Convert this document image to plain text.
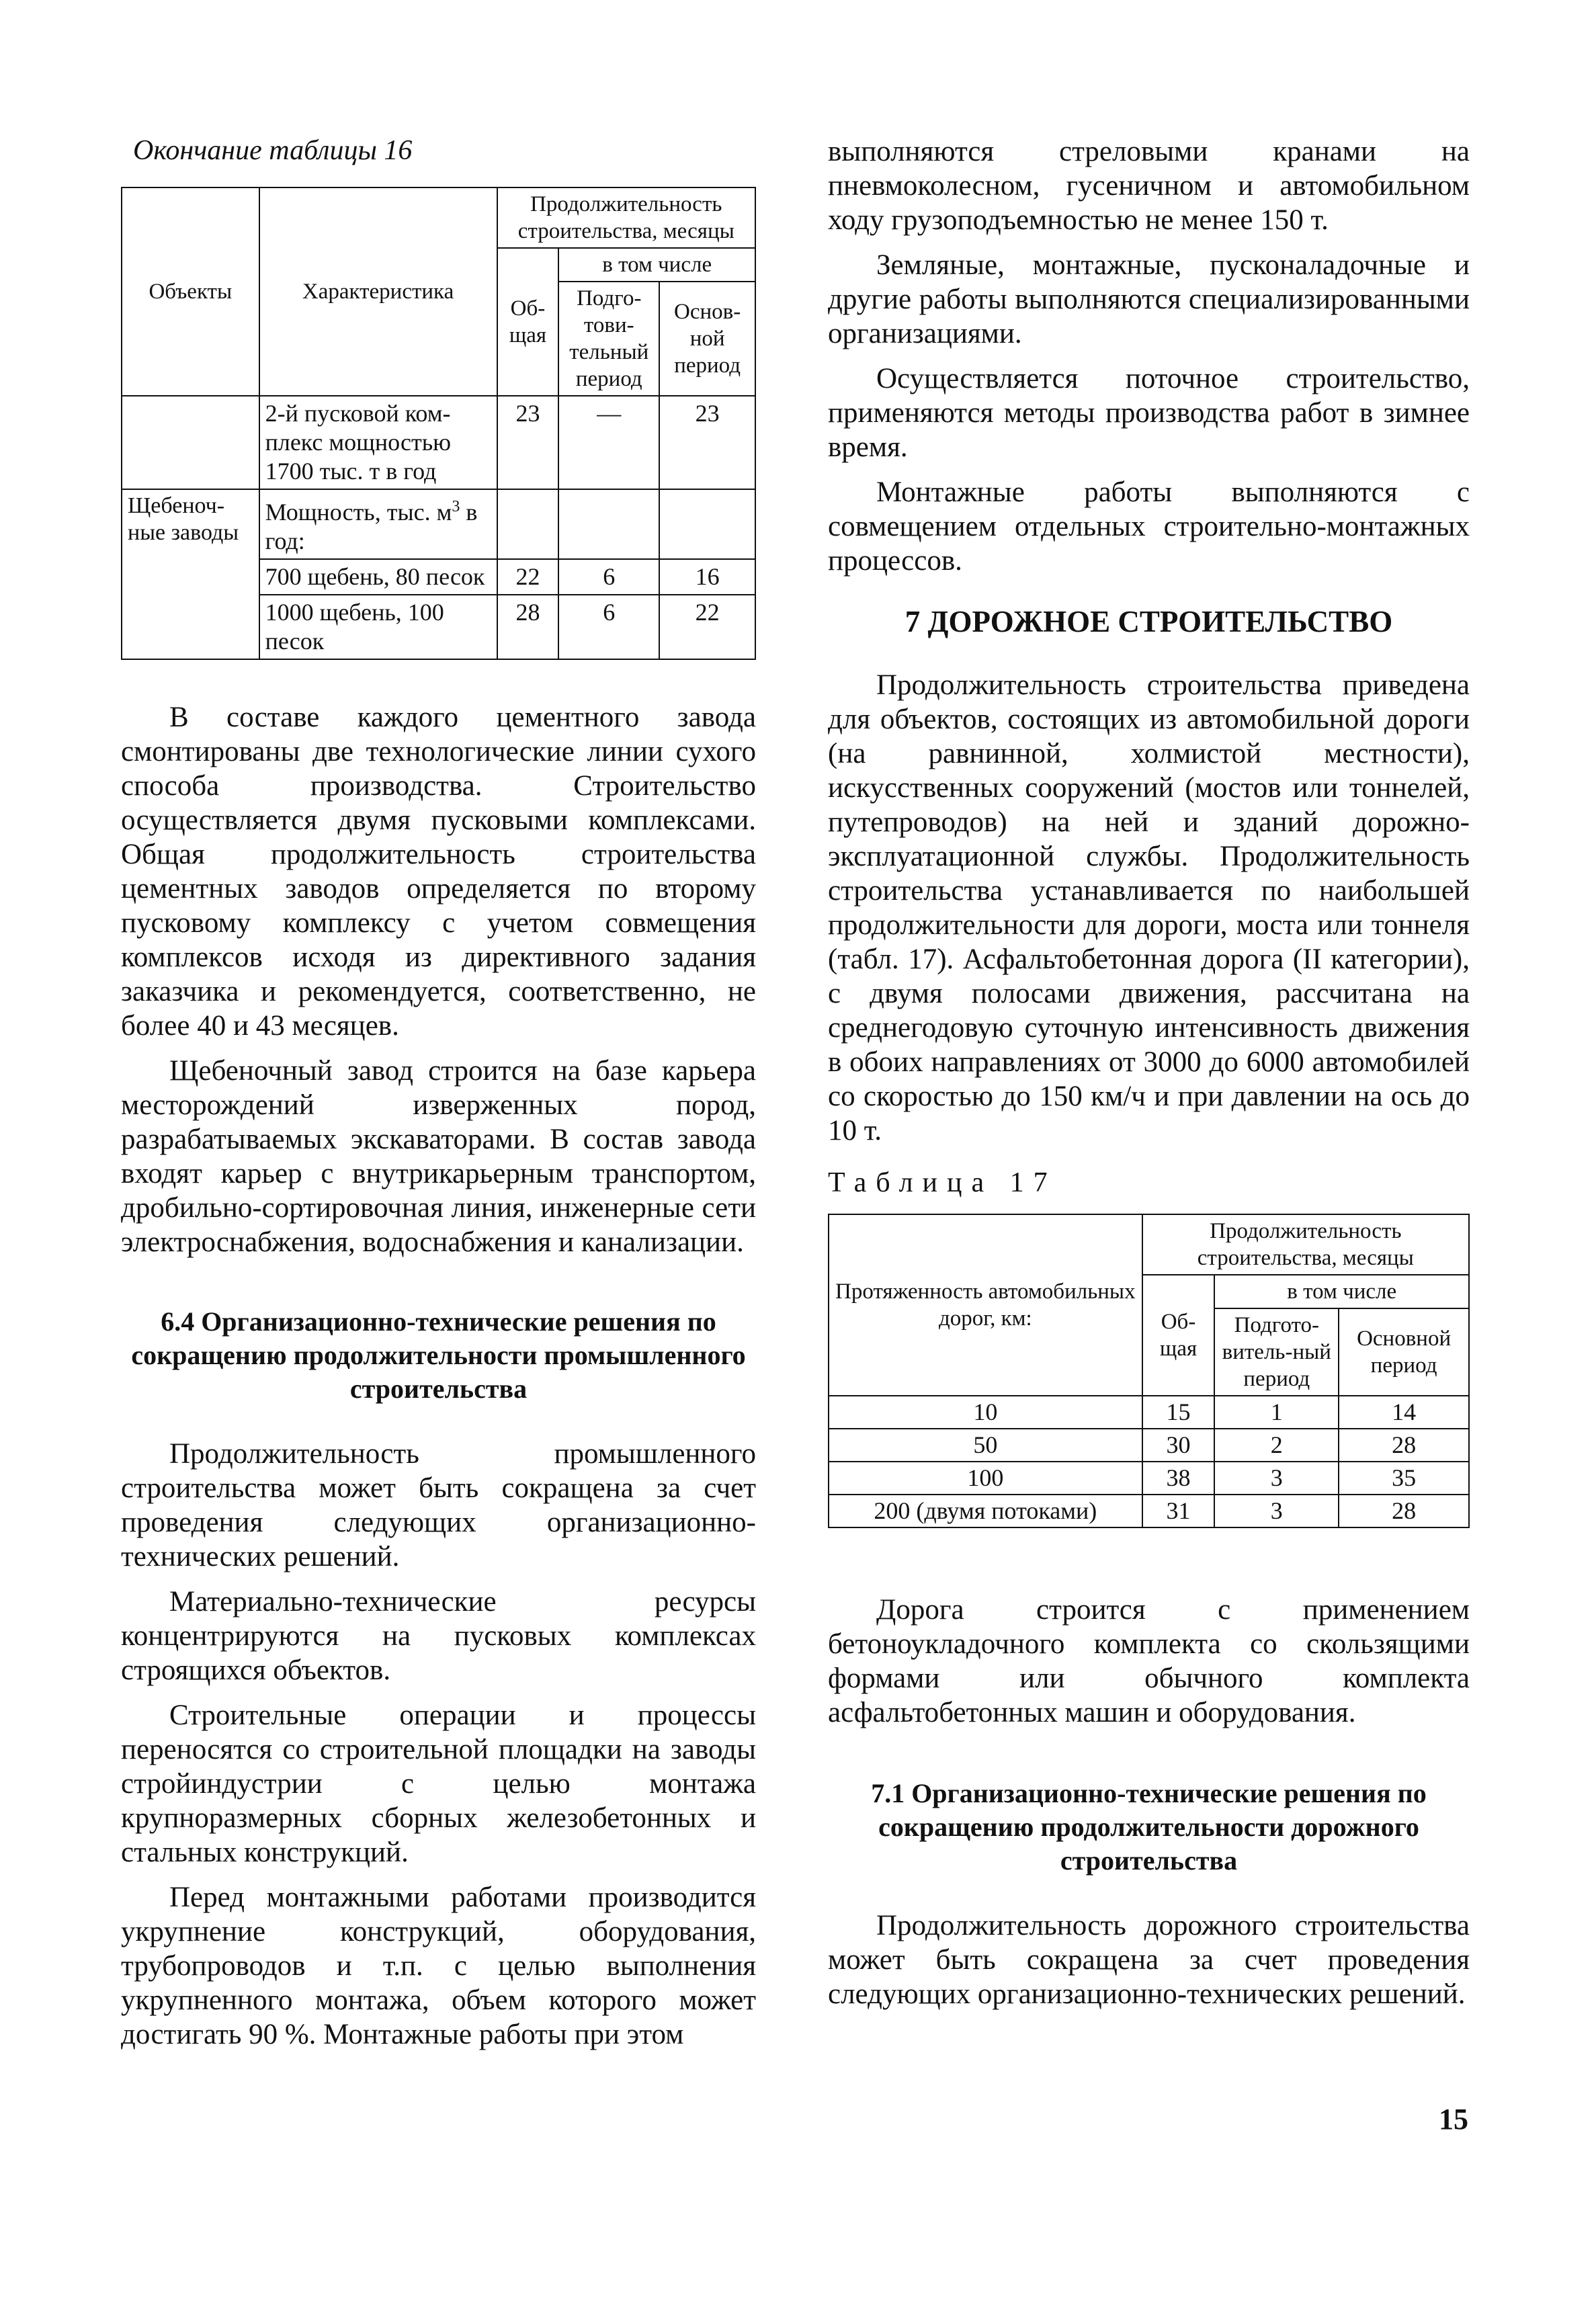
Окончание таблицы 16
Объекты	Характеристика	Продолжительность строительства, месяцы		
		Об-щая	в том числе	
			Подго-тови-тельный период	Основ-ной период
	2-й пусковой ком-плекс мощностью 1700 тыс. т в год	23	—	23
Щебеноч-ные заводы	Мощность, тыс. $м^3$ в год:			
	700 щебень, 80 песок	22	6	16
	1000 щебень, 100 песок	28	6	22

В составе каждого цементного завода смонтированы две технологические линии сухого способа производства. Строительство осуществляется двумя пусковыми комплексами. Общая продолжительность строительства цементных заводов определяется по второму пусковому комплексу с учетом совмещения комплексов исходя из директивного задания заказчика и рекомендуется, соответственно, не более 40 и 43 месяцев.

Щебеночный завод строится на базе карьера месторождений изверженных пород, разрабатываемых экскаваторами. В состав завода входят карьер с внутрикарьерным транспортом, дробильно-сортировочная линия, инженерные сети электроснабжения, водоснабжения и канализации.

6.4 Организационно-технические решения по сокращению продолжительности промышленного строительства

Продолжительность промышленного строительства может быть сокращена за счет проведения следующих организационно-технических решений.

Материально-технические ресурсы концентрируются на пусковых комплексах строящихся объектов.

Строительные операции и процессы переносятся со строительной площадки на заводы стройиндустрии с целью монтажа крупноразмерных сборных железобетонных и стальных конструкций.

Перед монтажными работами производится укрупнение конструкций, оборудования, трубопроводов и т.п. с целью выполнения укрупненного монтажа, объем которого может достигать 90 %. Монтажные работы при этом

выполняются стреловыми кранами на пневмоколесном, гусеничном и автомобильном ходу грузоподъемностью не менее 150 т.

Земляные, монтажные, пусконаладочные и другие работы выполняются специализированными организациями.

Осуществляется поточное строительство, применяются методы производства работ в зимнее время.

Монтажные работы выполняются с совмещением отдельных строительно-монтажных процессов.

7 ДОРОЖНОЕ СТРОИТЕЛЬСТВО

Продолжительность строительства приведена для объектов, состоящих из автомобильной дороги (на равнинной, холмистой местности), искусственных сооружений (мостов или тоннелей, путепроводов) на ней и зданий дорожно-эксплуатационной службы. Продолжительность строительства устанавливается по наибольшей продолжительности для дороги, моста или тоннеля (табл. 17). Асфальтобетонная дорога (II категории), с двумя полосами движения, рассчитана на среднегодовую суточную интенсивность движения в обоих направлениях от 3000 до 6000 автомобилей со скоростью до 150 км/ч и при давлении на ось до 10 т.

Таблица 17
Протяженность автомобильных дорог, км:	Продолжительность строительства, месяцы		
	Об-щая	в том числе	
		Подгото-витель-ный период	Основной период
10	15	1	14
50	30	2	28
100	38	3	35
200 (двумя потоками)	31	3	28

Дорога строится с применением бетоноукладочного комплекта со скользящими формами или обычного комплекта асфальтобетонных машин и оборудования.

7.1 Организационно-технические решения по сокращению продолжительности дорожного строительства

Продолжительность дорожного строительства может быть сокращена за счет проведения следующих организационно-технических решений.

15
